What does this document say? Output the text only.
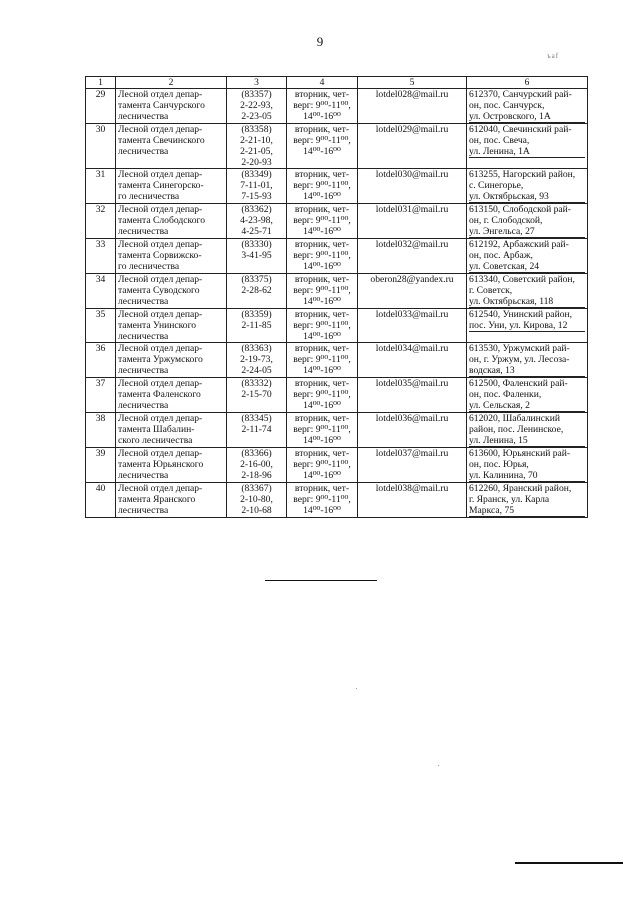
9
ъаf
1	2	3	4	5	6
29	Лесной отдел депар-
тамента Санчурского
лесничества	(83357)
2-22-93,
2-23-05	вторник, чет-
верг: 9⁰⁰-11⁰⁰,
14⁰⁰-16⁰⁰	lotdel028@mail.ru	612370, Санчурский рай-
он, пос. Санчурск,
ул. Островского, 1А

30	Лесной отдел депар-
тамента Свечинского
лесничества	(83358)
2-21-10,
2-21-05,
2-20-93	вторник, чет-
верг: 9⁰⁰-11⁰⁰,
14⁰⁰-16⁰⁰	lotdel029@mail.ru	612040, Свечинский рай-
он, пос. Свеча,
ул. Ленина, 1А

31	Лесной отдел депар-
тамента Синегорско-
го лесничества	(83349)
7-11-01,
7-15-93	вторник, чет-
верг: 9⁰⁰-11⁰⁰,
14⁰⁰-16⁰⁰	lotdel030@mail.ru	613255, Нагорский район,
с. Синегорье,
ул. Октябрьская, 93

32	Лесной отдел депар-
тамента Слободского
лесничества	(83362)
4-23-98,
4-25-71	вторник, чет-
верг: 9⁰⁰-11⁰⁰,
14⁰⁰-16⁰⁰	lotdel031@mail.ru	613150, Слободской рай-
он, г. Слободской,
ул. Энгельса, 27

33	Лесной отдел депар-
тамента Сорвижско-
го лесничества	(83330)
3-41-95	вторник, чет-
верг: 9⁰⁰-11⁰⁰,
14⁰⁰-16⁰⁰	lotdel032@mail.ru	612192, Арбажский рай-
он, пос. Арбаж,
ул. Советская, 24

34	Лесной отдел депар-
тамента Суводского
лесничества	(83375)
2-28-62	вторник, чет-
верг: 9⁰⁰-11⁰⁰,
14⁰⁰-16⁰⁰	oberon28@yandex.ru	613340, Советский район,
г. Советск,
ул. Октябрьская, 118

35	Лесной отдел депар-
тамента Унинского
лесничества	(83359)
2-11-85	вторник, чет-
верг: 9⁰⁰-11⁰⁰,
14⁰⁰-16⁰⁰	lotdel033@mail.ru	612540, Унинский район,
пос. Уни, ул. Кирова, 12

36	Лесной отдел депар-
тамента Уржумского
лесничества	(83363)
2-19-73,
2-24-05	вторник, чет-
верг: 9⁰⁰-11⁰⁰,
14⁰⁰-16⁰⁰	lotdel034@mail.ru	613530, Уржумский рай-
он, г. Уржум, ул. Лесоза-
водская, 13

37	Лесной отдел депар-
тамента Фаленского
лесничества	(83332)
2-15-70	вторник, чет-
верг: 9⁰⁰-11⁰⁰,
14⁰⁰-16⁰⁰	lotdel035@mail.ru	612500, Фаленский рай-
он, пос. Фаленки,
ул. Сельская, 2

38	Лесной отдел депар-
тамента Шабалин-
ского лесничества	(83345)
2-11-74	вторник, чет-
верг: 9⁰⁰-11⁰⁰,
14⁰⁰-16⁰⁰	lotdel036@mail.ru	612020, Шабалинский
район, пос. Ленинское,
ул. Ленина, 15

39	Лесной отдел депар-
тамента Юрьянского
лесничества	(83366)
2-16-00,
2-18-96	вторник, чет-
верг: 9⁰⁰-11⁰⁰,
14⁰⁰-16⁰⁰	lotdel037@mail.ru	613600, Юрьянский рай-
он, пос. Юрья,
ул. Калинина, 70

40	Лесной отдел депар-
тамента Яранского
лесничества	(83367)
2-10-80,
2-10-68	вторник, чет-
верг: 9⁰⁰-11⁰⁰,
14⁰⁰-16⁰⁰	lotdel038@mail.ru	612260, Яранский район,
г. Яранск, ул. Карла
Маркса, 75
